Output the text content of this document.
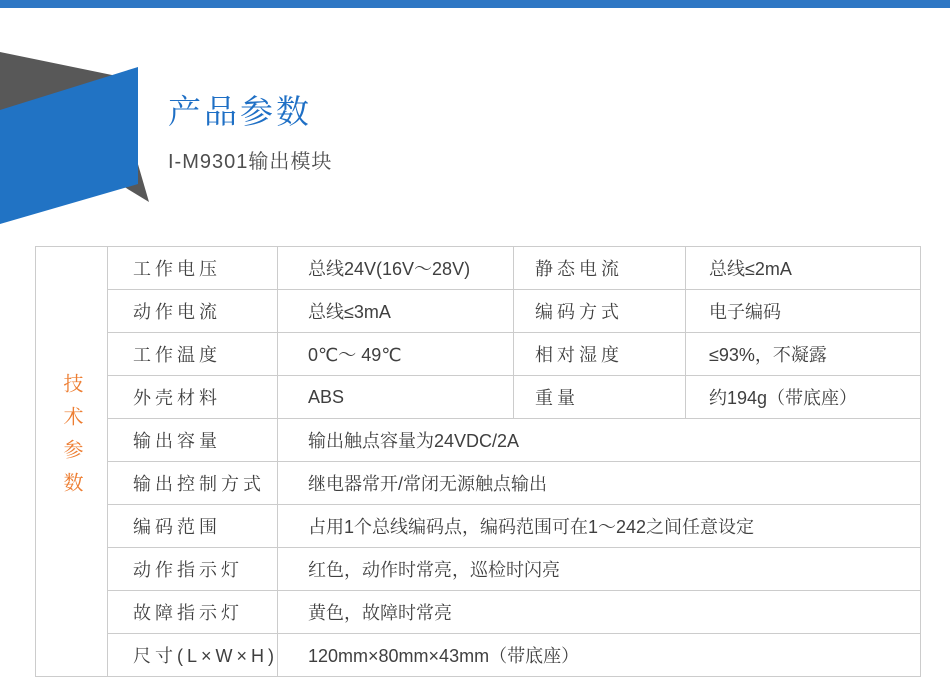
产品参数
I-M9301输出模块
技术参数	工作电压	总线24V(16V～28V)	静态电流	总线≤2mA
	动作电流	总线≤3mA	编码方式	电子编码
	工作温度	0℃～ 49℃	相对湿度	≤93%，不凝露
	外壳材料	ABS	重量	约194g（带底座）
	输出容量	输出触点容量为24VDC/2A		
	输出控制方式	继电器常开/常闭无源触点输出		
	编码范围	占用1个总线编码点，编码范围可在1～242之间任意设定		
	动作指示灯	红色，动作时常亮，巡检时闪亮		
	故障指示灯	黄色，故障时常亮		
	尺寸(L×W×H)	120mm×80mm×43mm（带底座）		
